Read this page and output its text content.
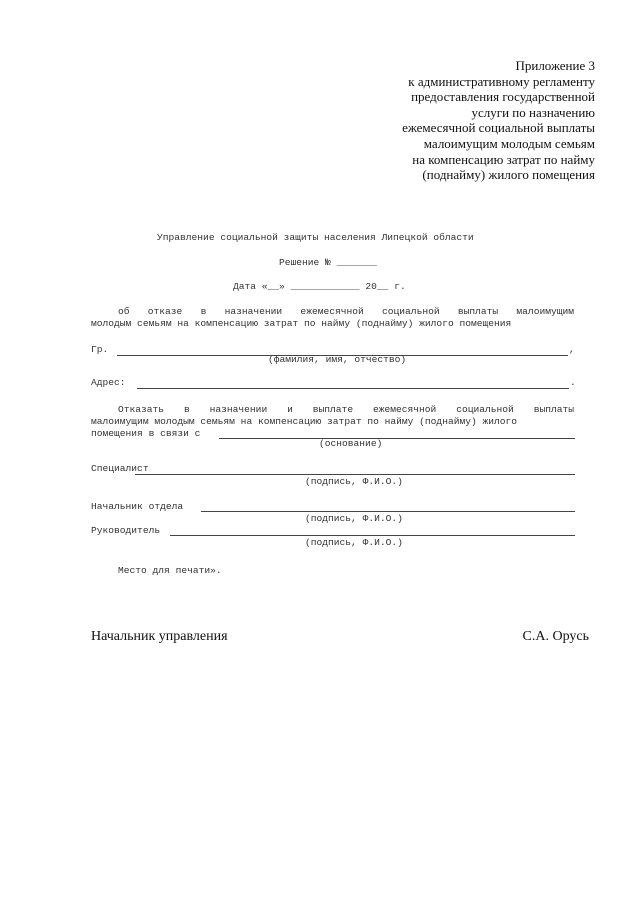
Приложение 3
к административному регламенту
предоставления государственной
услуги по назначению
ежемесячной социальной выплаты
малоимущим молодым семьям
на компенсацию затрат по найму
(поднайму) жилого помещения
Управление социальной защиты населения Липецкой области
Решение № _______
Дата «__» ____________ 20__ г.
об отказе в назначении ежемесячной социальной выплаты малоимущим
молодым семьям на компенсацию затрат по найму (поднайму) жилого помещения
Гр.	,
(фамилия, имя, отчество)
Адрес:	.
Отказать в назначении и выплате ежемесячной социальной выплаты
малоимущим молодым семьям на компенсацию затрат по найму (поднайму) жилого
помещения в связи с
(основание)
Специалист
(подпись, Ф.И.О.)
Начальник отдела
(подпись, Ф.И.О.)
Руководитель
(подпись, Ф.И.О.)
Место для печати».
Начальник управления	С.А. Орусь
